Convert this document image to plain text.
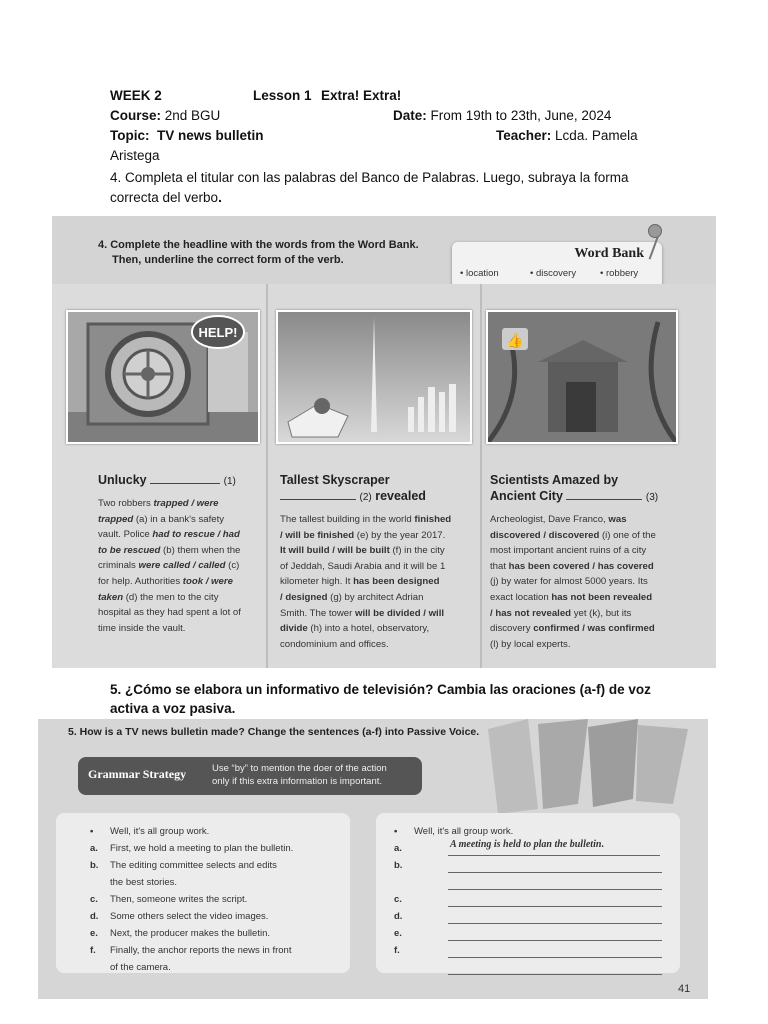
WEEK 2	Lesson 1 Extra! Extra!
Course: 2nd BGU	Date: From 19th to 23th, June, 2024
Topic: TV news bulletin	Teacher: Lcda. Pamela
Aristega
4. Completa el titular con las palabras del Banco de Palabras. Luego, subraya la forma
correcta del verbo.
4. Complete the headline with the words from the Word Bank.
Then, underline the correct form of the verb.	Word Bank
• location	• discovery	• robbery
HELP!	👍
Unlucky	(1)
Two robbers trapped / were
trapped (a) in a bank's safety
vault. Police had to rescue / had
to be rescued (b) them when the
criminals were called / called (c)
for help. Authorities took / were
taken (d) the men to the city
hospital as they had spent a lot of
time inside the vault.
Tallest Skyscraper
(2) revealed
The tallest building in the world finished
/ will be finished (e) by the year 2017.
It will build / will be built (f) in the city
of Jeddah, Saudi Arabia and it will be 1
kilometer high. It has been designed
/ designed (g) by architect Adrian
Smith. The tower will be divided / will
divide (h) into a hotel, observatory,
condominium and offices.
Scientists Amazed by
Ancient City	(3)
Archeologist, Dave Franco, was
discovered / discovered (i) one of the
most important ancient ruins of a city
that has been covered / has covered
(j) by water for almost 5000 years. Its
exact location has not been revealed
/ has not revealed yet (k), but its
discovery confirmed / was confirmed
(l) by local experts.
5. ¿Cómo se elabora un informativo de televisión? Cambia las oraciones (a-f) de voz
activa a voz pasiva.
5. How is a TV news bulletin made? Change the sentences (a-f) into Passive Voice.
Grammar Strategy	Use “by” to mention the doer of the action
only if this extra information is important.
• Well, it's all group work.
a. First, we hold a meeting to plan the bulletin.
b. The editing committee selects and edits
the best stories.
c. Then, someone writes the script.
d. Some others select the video images.
e. Next, the producer makes the bulletin.
f. Finally, the anchor reports the news in front
of the camera.
• Well, it's all group work.
a.
b.
c.
d.
e.
f.
A meeting is held to plan the bulletin.
41
